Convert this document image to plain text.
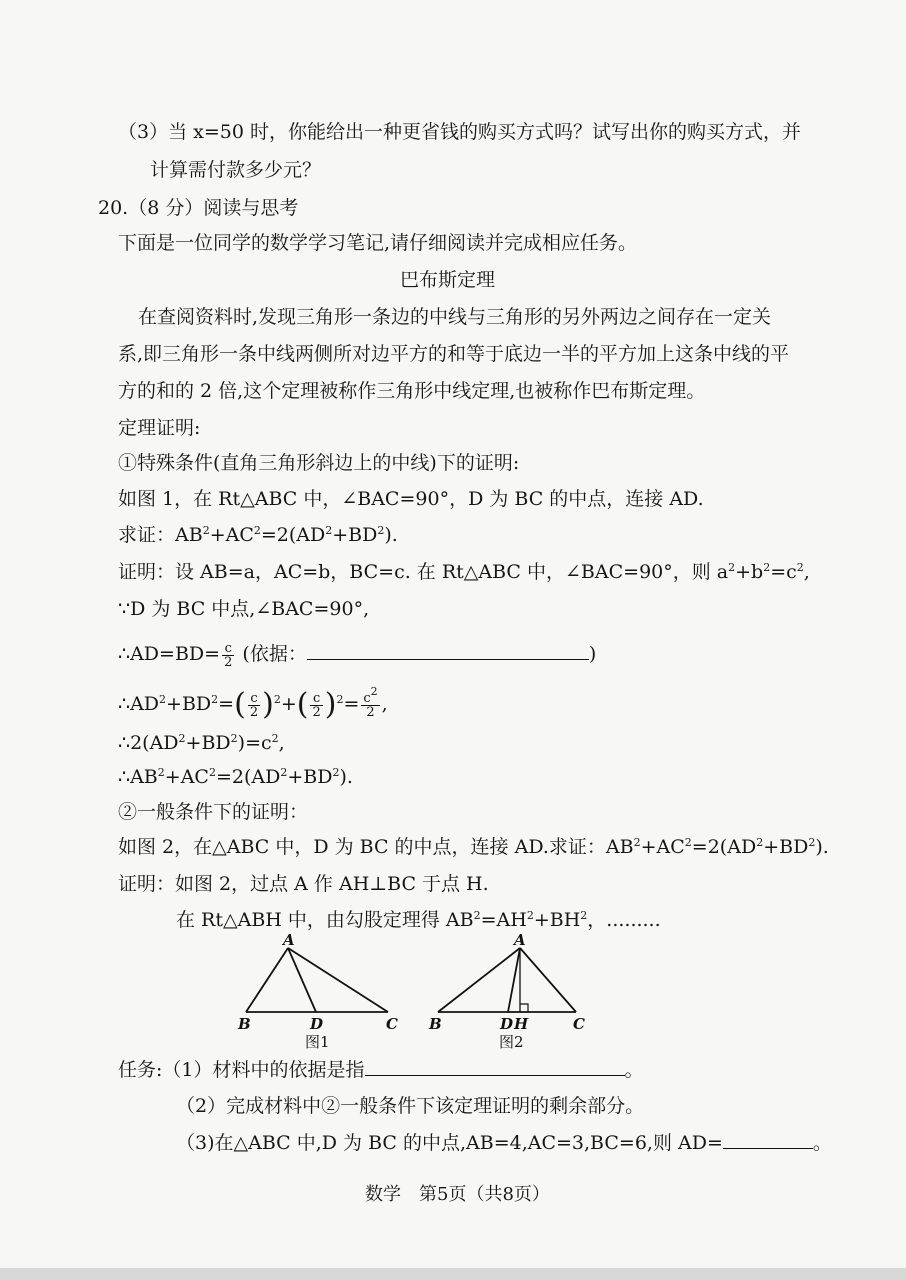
（3）当 x=50 时，你能给出一种更省钱的购买方式吗？试写出你的购买方式，并
计算需付款多少元？
20.（8 分）阅读与思考
下面是一位同学的数学学习笔记,请仔细阅读并完成相应任务。
巴布斯定理
在查阅资料时,发现三角形一条边的中线与三角形的另外两边之间存在一定关
系,即三角形一条中线两侧所对边平方的和等于底边一半的平方加上这条中线的平
方的和的 2 倍,这个定理被称作三角形中线定理,也被称作巴布斯定理。
定理证明:
①特殊条件(直角三角形斜边上的中线)下的证明:
如图 1，在 Rt△ABC 中，∠BAC=90°，D 为 BC 的中点，连接 AD.
求证：$AB^2+AC^2=2(AD^2+BD^2)$.
证明：设 AB=a，AC=b，BC=c. 在 Rt△ABC 中，∠BAC=90°，则 $a^2+b^2=c^2$,
∵D 为 BC 中点,∠BAC=90°,
∴AD=BD= $\frac{c}{2}$ (依据：	)
$\therefore AD^2+BD^2=( \frac{c}{2} )^2+( \frac{c}{2} )^2= \frac{c^2}{2}$ ,
$\therefore 2(AD^2+BD^2)=c^2$,
$\therefore AB^2+AC^2=2(AD^2+BD^2)$.
②一般条件下的证明：
如图 2，在△ABC 中，D 为 BC 的中点，连接 AD.求证：$AB^2+AC^2=2(AD^2+BD^2)$.
证明：如图 2，过点 A 作 AH⊥BC 于点 H.
在 Rt△ABH 中，由勾股定理得 $AB^2=AH^2+BH^2$，.........
A
B	D	C
图1
A
B	D H	C
图2
任务:（1）材料中的依据是指	。
（2）完成材料中②一般条件下该定理证明的剩余部分。
（3)在△ABC 中,D 为 BC 的中点,AB=4,AC=3,BC=6,则 AD=	。
数学　第5页（共8页）
